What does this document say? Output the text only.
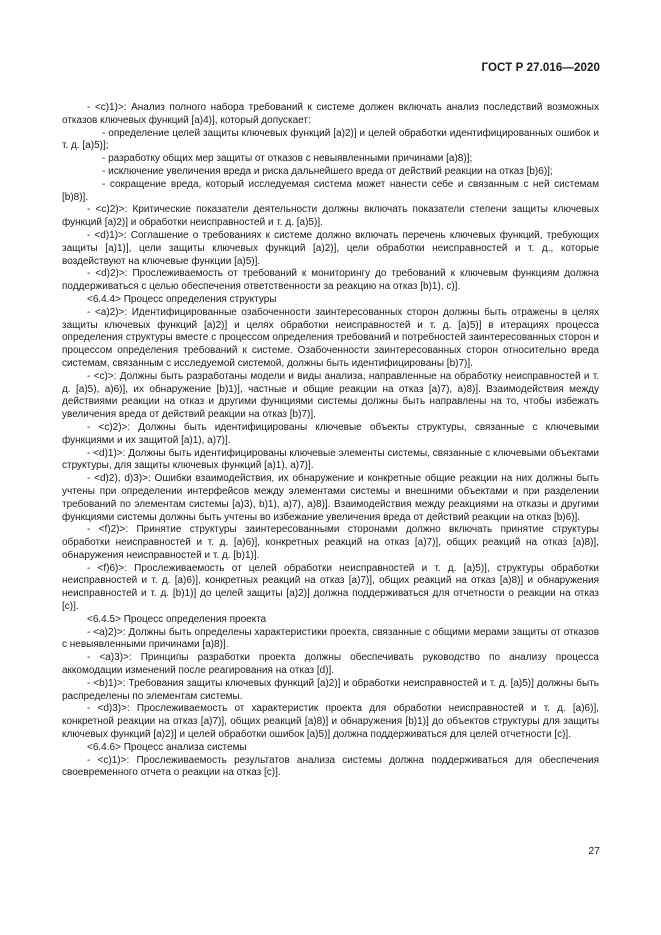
ГОСТ Р 27.016—2020

- <c)1)>: Анализ полного набора требований к системе должен включать анализ последствий возможных отказов ключевых функций [a)4)], который допускает:

- определение целей защиты ключевых функций [a)2)] и целей обработки идентифицированных ошибок и т. д. [a)5)];

- разработку общих мер защиты от отказов с невыявленными причинами [a)8)];

- исключение увеличения вреда и риска дальнейшего вреда от действий реакции на отказ [b)6)];

- сокращение вреда, который исследуемая система может нанести себе и связанным с ней системам [b)8)].

- <c)2)>: Критические показатели деятельности должны включать показатели степени защиты ключевых функций [a)2)] и обработки неисправностей и т. д. [a)5)].

- <d)1)>: Соглашение о требованиях к системе должно включать перечень ключевых функций, требующих защиты [a)1)], цели защиты ключевых функций [a)2)], цели обработки неисправностей и т. д., которые воздействуют на ключевые функции [a)5)].

- <d)2)>: Прослеживаемость от требований к мониторингу до требований к ключевым функциям должна поддерживаться с целью обеспечения ответственности за реакцию на отказ [b)1), c)].

<6.4.4> Процесс определения структуры

- <a)2)>: Идентифицированные озабоченности заинтересованных сторон должны быть отражены в целях защиты ключевых функций [a)2)] и целях обработки неисправностей и т. д. [a)5)] в итерациях процесса определения структуры вместе с процессом определения требований и потребностей заинтересованных сторон и процессом определения требований к системе. Озабоченности заинтересованных сторон относительно вреда системам, связанным с исследуемой системой, должны быть идентифицированы [b)7)].

- <c)>: Должны быть разработаны модели и виды анализа, направленные на обработку неисправностей и т. д. [a)5), a)6)], их обнаружение [b)1)], частные и общие реакции на отказ [a)7), a)8)]. Взаимодействия между действиями реакции на отказ и другими функциями системы должны быть направлены на то, чтобы избежать увеличения вреда от действий реакции на отказ [b)7)].

- <c)2)>: Должны быть идентифицированы ключевые объекты структуры, связанные с ключевыми функциями и их защитой [a)1), a)7)].

- <d)1)>: Должны быть идентифицированы ключевые элементы системы, связанные с ключевыми объектами структуры, для защиты ключевых функций [a)1), a)7)].

- <d)2), d)3)>: Ошибки взаимодействия, их обнаружение и конкретные общие реакции на них должны быть учтены при определении интерфейсов между элементами системы и внешними объектами и при разделении требований по элементам системы [a)3), b)1), a)7), a)8)]. Взаимодействия между реакциями на отказы и другими функциями системы должны быть учтены во избежание увеличения вреда от действий реакции на отказ [b)6)].

- <f)2)>: Принятие структуры заинтересованными сторонами должно включать принятие структуры обработки неисправностей и т. д. [a)6)], конкретных реакций на отказ [a)7)], общих реакций на отказ [a)8)], обнаружения неисправностей и т. д. [b)1)].

- <f)6)>: Прослеживаемость от целей обработки неисправностей и т. д. [a)5)], структуры обработки неисправностей и т. д. [a)6)], конкретных реакций на отказ [a)7)], общих реакций на отказ [a)8)] и обнаружения неисправностей и т. д. [b)1)] до целей защиты [a)2)] должна поддерживаться для отчетности о реакции на отказ [c)].

<6.4.5> Процесс определения проекта

- <a)2)>: Должны быть определены характеристики проекта, связанные с общими мерами защиты от отказов с невыявленными причинами [a)8)].

- <a)3)>: Принципы разработки проекта должны обеспечивать руководство по анализу процесса аккомодации изменений после реагирования на отказ [d)].

- <b)1)>: Требования защиты ключевых функций [a)2)] и обработки неисправностей и т. д. [a)5)] должны быть распределены по элементам системы.

- <d)3)>: Прослеживаемость от характеристик проекта для обработки неисправностей и т. д. [a)6)], конкретной реакции на отказ [a)7)], общих реакций [a)8)] и обнаружения [b)1)] до объектов структуры для защиты ключевых функций [a)2)] и целей обработки ошибок [a)5)] должна поддерживаться для целей отчетности [c)].

<6.4.6> Процесс анализа системы

- <c)1)>: Прослеживаемость результатов анализа системы должна поддерживаться для обеспечения своевременного отчета о реакции на отказ [c)].

27
